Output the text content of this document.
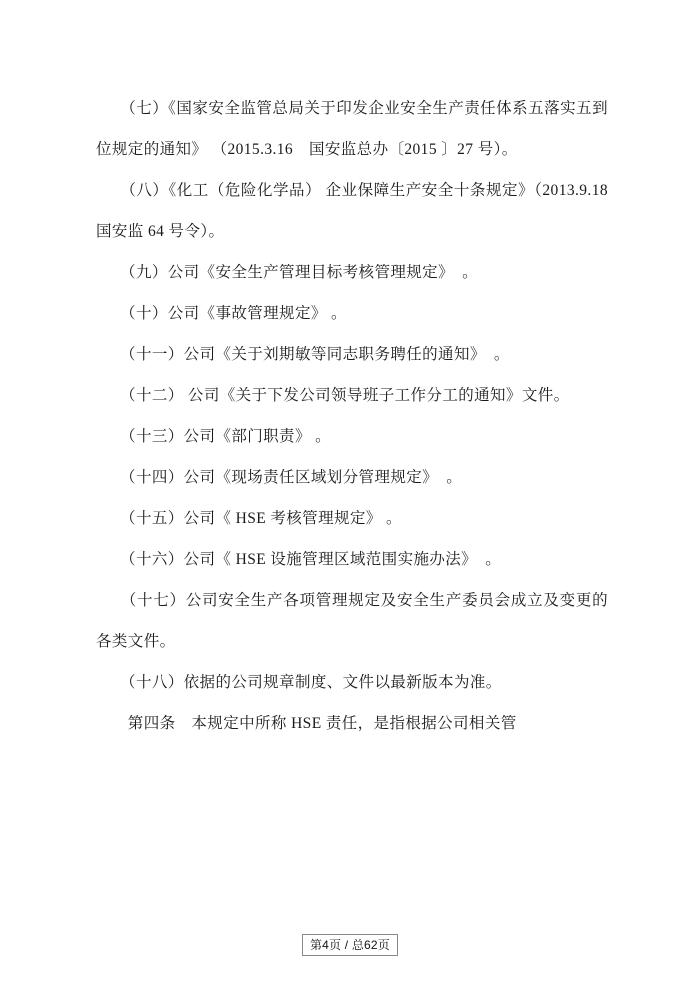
　　（七）《国家安全监管总局关于印发企业安全生产责任体系五落实五到位规定的通知》 （2015.3.16　国安监总办〔2015 〕27 号）。

　　（八）《化工（危险化学品） 企业保障生产安全十条规定》（2013.9.18　国安监 64 号令）。

　　（九）公司《安全生产管理目标考核管理规定》　。

　　（十）公司《事故管理规定》 。

　　（十一）公司《关于刘期敏等同志职务聘任的通知》　。

　　（十二） 公司《关于下发公司领导班子工作分工的通知》文件。

　　（十三）公司《部门职责》 。

　　（十四）公司《现场责任区域划分管理规定》　。

　　（十五）公司《 HSE 考核管理规定》 。

　　（十六）公司《 HSE 设施管理区域范围实施办法》　。

　　（十七）公司安全生产各项管理规定及安全生产委员会成立及变更的各类文件。

　　（十八）依据的公司规章制度、文件以最新版本为准。

　　第四条　本规定中所称 HSE 责任，是指根据公司相关管

第4页 / 总62页
